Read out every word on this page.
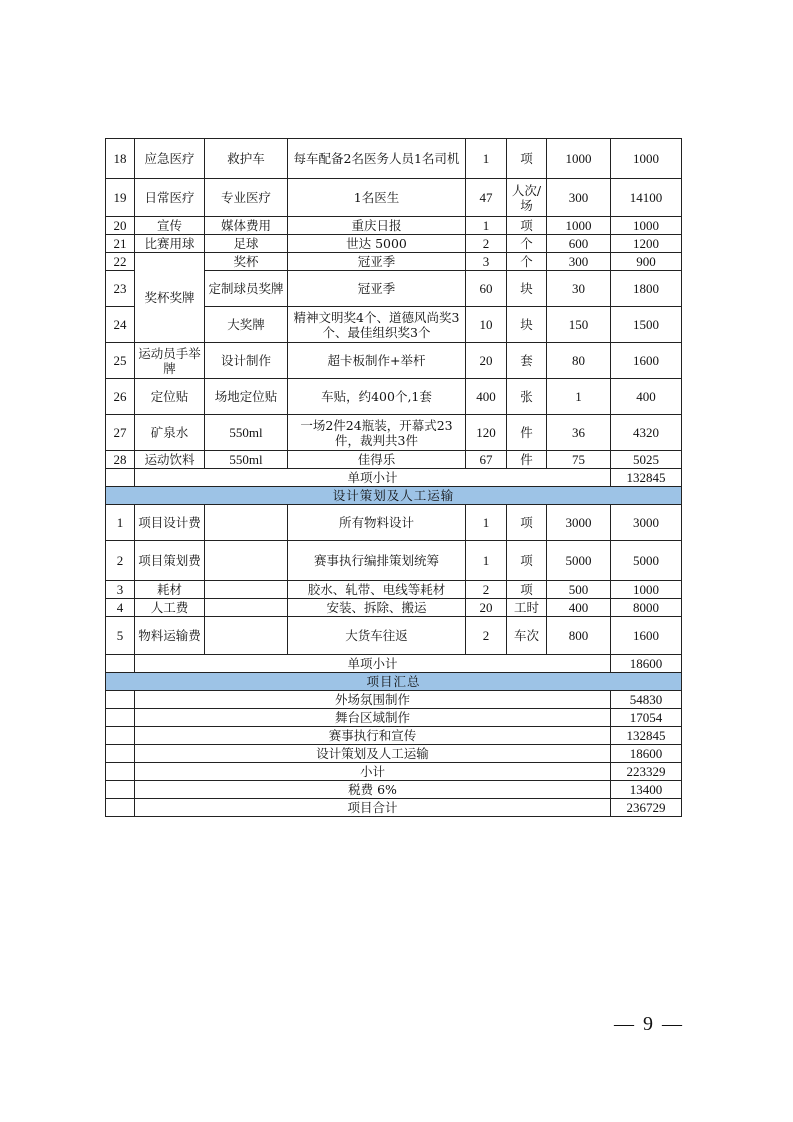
18	应急医疗	救护车	每车配备2名医务人员1名司机	1	项	1000	1000
19	日常医疗	专业医疗	1名医生	47	人次/场	300	14100
20	宣传	媒体费用	重庆日报	1	项	1000	1000
21	比赛用球	足球	世达 5000	2	个	600	1200
22	奖杯奖牌	奖杯	冠亚季	3	个	300	900
23		定制球员奖牌	冠亚季	60	块	30	1800
24		大奖牌	精神文明奖4个、道德风尚奖3个、最佳组织奖3个	10	块	150	1500
25	运动员手举牌	设计制作	超卡板制作+举杆	20	套	80	1600
26	定位贴	场地定位贴	车贴，约400个,1套	400	张	1	400
27	矿泉水	550ml	一场2件24瓶装，开幕式23件，裁判共3件	120	件	36	4320
28	运动饮料	550ml	佳得乐	67	件	75	5025
	单项小计						132845
设计策划及人工运输							
1	项目设计费		所有物料设计	1	项	3000	3000
2	项目策划费		赛事执行编排策划统筹	1	项	5000	5000
3	耗材		胶水、轧带、电线等耗材	2	项	500	1000
4	人工费		安装、拆除、搬运	20	工时	400	8000
5	物料运输费		大货车往返	2	车次	800	1600
	单项小计						18600
项目汇总							
	外场氛围制作						54830
	舞台区域制作						17054
	赛事执行和宣传						132845
	设计策划及人工运输						18600
	小计						223329
	税费 6%						13400
	项目合计						236729
— 9 —
